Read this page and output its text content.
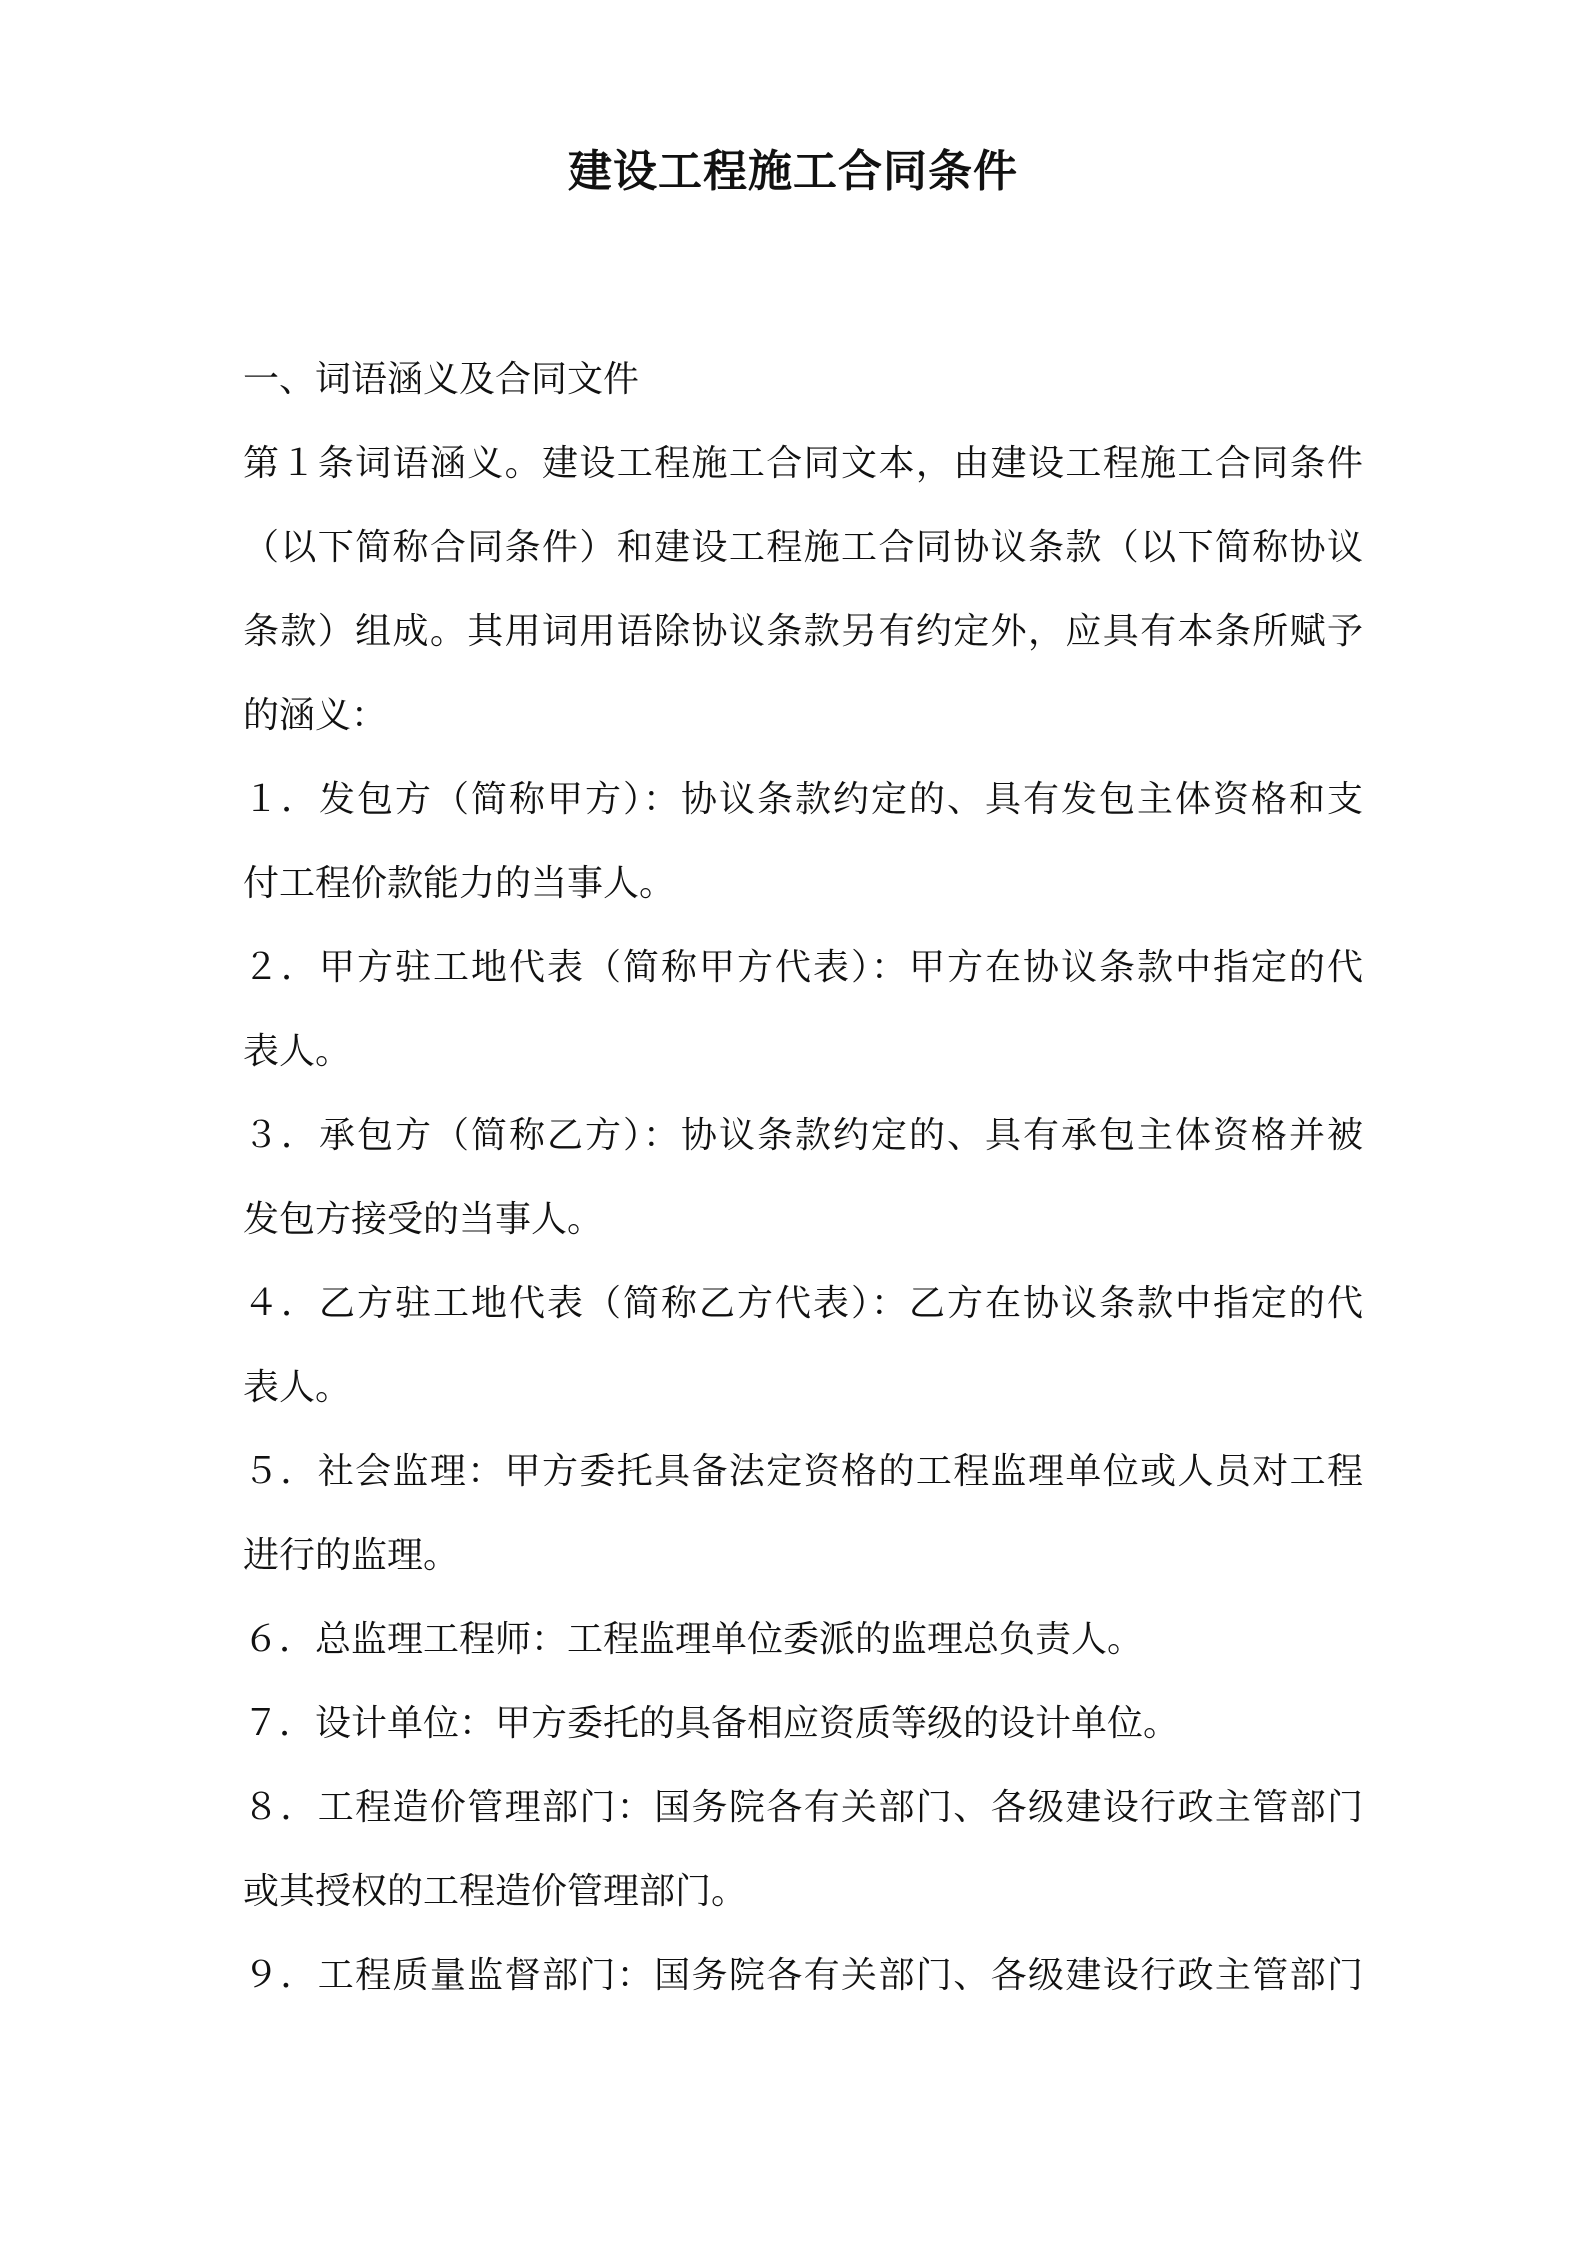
建设工程施工合同条件
一、词语涵义及合同文件
第１条词语涵义。建设工程施工合同文本，由建设工程施工合同条件
（以下简称合同条件）和建设工程施工合同协议条款（以下简称协议
条款）组成。其用词用语除协议条款另有约定外，应具有本条所赋予
的涵义：
１．发包方（简称甲方）：协议条款约定的、具有发包主体资格和支
付工程价款能力的当事人。
２．甲方驻工地代表（简称甲方代表）：甲方在协议条款中指定的代
表人。
３．承包方（简称乙方）：协议条款约定的、具有承包主体资格并被
发包方接受的当事人。
４．乙方驻工地代表（简称乙方代表）：乙方在协议条款中指定的代
表人。
５．社会监理：甲方委托具备法定资格的工程监理单位或人员对工程
进行的监理。
６．总监理工程师：工程监理单位委派的监理总负责人。
７．设计单位：甲方委托的具备相应资质等级的设计单位。
８．工程造价管理部门：国务院各有关部门、各级建设行政主管部门
或其授权的工程造价管理部门。
９．工程质量监督部门：国务院各有关部门、各级建设行政主管部门
